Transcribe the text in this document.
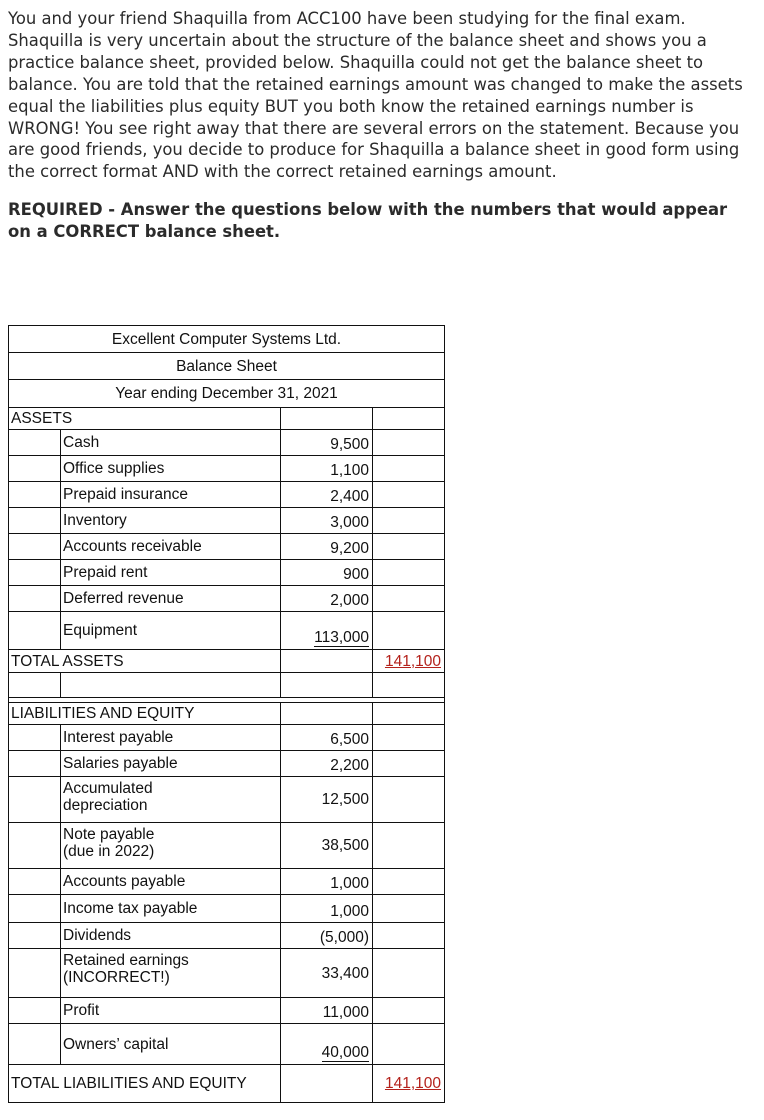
You and your friend Shaquilla from ACC100 have been studying for the final exam. Shaquilla is very uncertain about the structure of the balance sheet and shows you a practice balance sheet, provided below. Shaquilla could not get the balance sheet to balance. You are told that the retained earnings amount was changed to make the assets equal the liabilities plus equity BUT you both know the retained earnings number is WRONG! You see right away that there are several errors on the statement. Because you are good friends, you decide to produce for Shaquilla a balance sheet in good form using the correct format AND with the correct retained earnings amount.

REQUIRED - Answer the questions below with the numbers that would appear on a CORRECT balance sheet.

Excellent Computer Systems Ltd.
Balance Sheet
Year ending December 31, 2021
ASSETS
Cash	9,500
Office supplies	1,100
Prepaid insurance	2,400
Inventory	3,000
Accounts receivable	9,200
Prepaid rent	900
Deferred revenue	2,000
Equipment	113,000
TOTAL ASSETS	141,100
LIABILITIES AND EQUITY
Interest payable	6,500
Salaries payable	2,200
Accumulated
depreciation	12,500
Note payable
(due in 2022)	38,500
Accounts payable	1,000
Income tax payable	1,000
Dividends	(5,000)
Retained earnings
(INCORRECT!)	33,400
Profit	11,000
Owners’ capital	40,000
TOTAL LIABILITIES AND EQUITY	141,100
